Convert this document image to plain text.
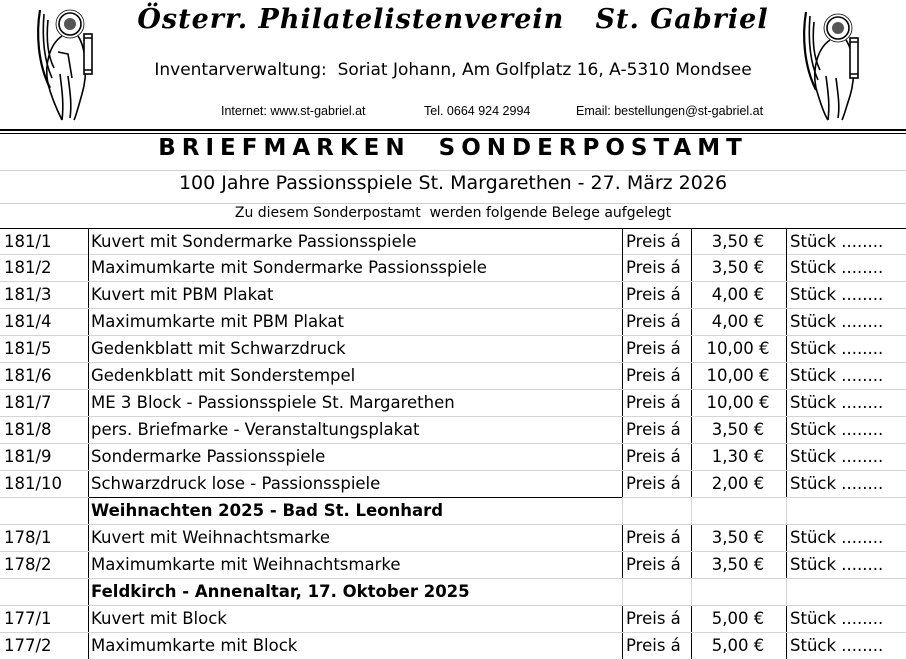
Österr. Philatelistenverein   St. Gabriel
Inventarverwaltung:  Soriat Johann, Am Golfplatz 16, A-5310 Mondsee
Internet: www.st-gabriel.at	Tel. 0664 924 2994	Email: bestellungen@st-gabriel.at
BRIEFMARKEN  SONDERPOSTAMT
100 Jahre Passionsspiele St. Margarethen - 27. März 2026
Zu diesem Sonderpostamt  werden folgende Belege aufgelegt
181/1	Kuvert mit Sondermarke Passionsspiele	Preis á	3,50 €	Stück ........
181/2	Maximumkarte mit Sondermarke Passionsspiele	Preis á	3,50 €	Stück ........
181/3	Kuvert mit PBM Plakat	Preis á	4,00 €	Stück ........
181/4	Maximumkarte mit PBM Plakat	Preis á	4,00 €	Stück ........
181/5	Gedenkblatt mit Schwarzdruck	Preis á	10,00 €	Stück ........
181/6	Gedenkblatt mit Sonderstempel	Preis á	10,00 €	Stück ........
181/7	ME 3 Block - Passionsspiele St. Margarethen	Preis á	10,00 €	Stück ........
181/8	pers. Briefmarke - Veranstaltungsplakat	Preis á	3,50 €	Stück ........
181/9	Sondermarke Passionsspiele	Preis á	1,30 €	Stück ........
181/10	Schwarzdruck lose - Passionsspiele	Preis á	2,00 €	Stück ........
Weihnachten 2025 - Bad St. Leonhard
178/1	Kuvert mit Weihnachtsmarke	Preis á	3,50 €	Stück ........
178/2	Maximumkarte mit Weihnachtsmarke	Preis á	3,50 €	Stück ........
Feldkirch - Annenaltar, 17. Oktober 2025
177/1	Kuvert mit Block	Preis á	5,00 €	Stück ........
177/2	Maximumkarte mit Block	Preis á	5,00 €	Stück ........
